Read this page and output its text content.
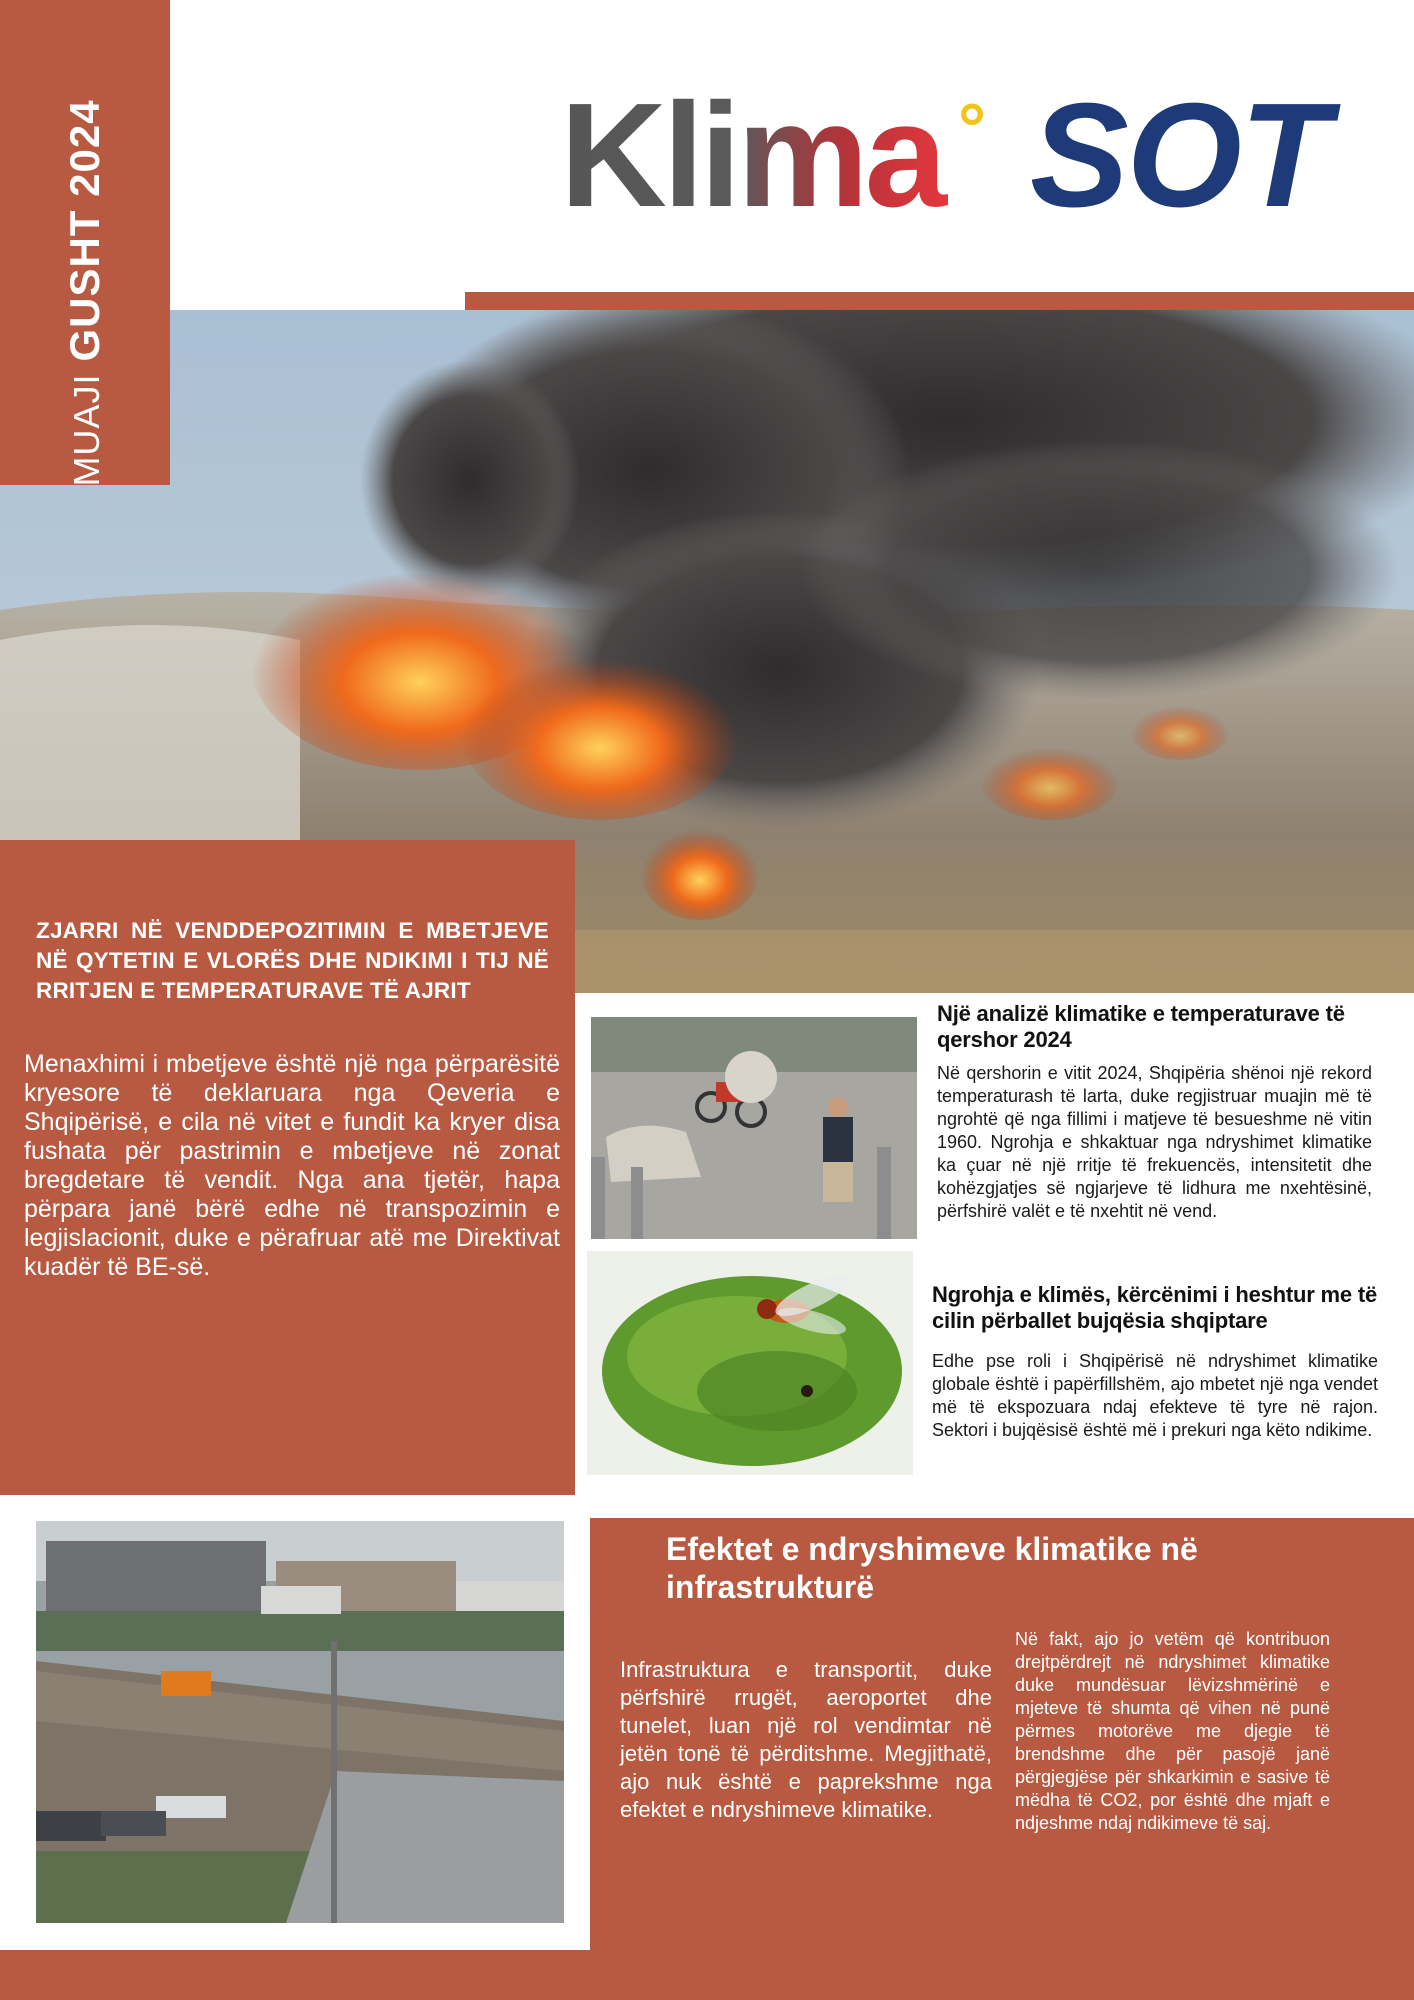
MUAJIGUSHT 2024	Klima ° SOT
ZJARRI NË VENDDEPOZITIMIN E MBETJEVE NË QYTETIN E VLORËS DHE NDIKIMI I TIJ NË RRITJEN E TEMPERATURAVE TË AJRIT
Menaxhimi i mbetjeve është një nga përparësitë kryesore të deklaruara nga Qeveria e Shqipërisë, e cila në vitet e fundit ka kryer disa fushata për pastrimin e mbetjeve në zonat bregdetare të vendit. Nga ana tjetër, hapa përpara janë bërë edhe në transpozimin e legjislacionit, duke e përafruar atë me Direktivat kuadër të BE-së.
Një analizë klimatike e temperaturave të qershor 2024
Në qershorin e vitit 2024, Shqipëria shënoi një rekord temperaturash të larta, duke regjistruar muajin më të ngrohtë që nga fillimi i matjeve të besueshme në vitin 1960. Ngrohja e shkaktuar nga ndryshimet klimatike ka çuar në një rritje të frekuencës, intensitetit dhe kohëzgjatjes së ngjarjeve të lidhura me nxehtësinë, përfshirë valët e të nxehtit në vend.
Ngrohja e klimës, kërcënimi i heshtur me të cilin përballet bujqësia shqiptare
Edhe pse roli i Shqipërisë në ndryshimet klimatike globale është i papërfillshëm, ajo mbetet një nga vendet më të ekspozuara ndaj efekteve të tyre në rajon. Sektori i bujqësisë është më i prekuri nga këto ndikime.
Efektet e ndryshimeve klimatike në infrastrukturë
Infrastruktura e transportit, duke përfshirë rrugët, aeroportet dhe tunelet, luan një rol vendimtar në jetën tonë të përditshme. Megjithatë, ajo nuk është e paprekshme nga efektet e ndryshimeve klimatike.
Në fakt, ajo jo vetëm që kontribuon drejtpërdrejt në ndryshimet klimatike duke mundësuar lëvizshmërinë e mjeteve të shumta që vihen në punë përmes motorëve me djegie të brendshme dhe për pasojë janë përgjegjëse për shkarkimin e sasive të mëdha të CO2, por është dhe mjaft e ndjeshme ndaj ndikimeve të saj.
